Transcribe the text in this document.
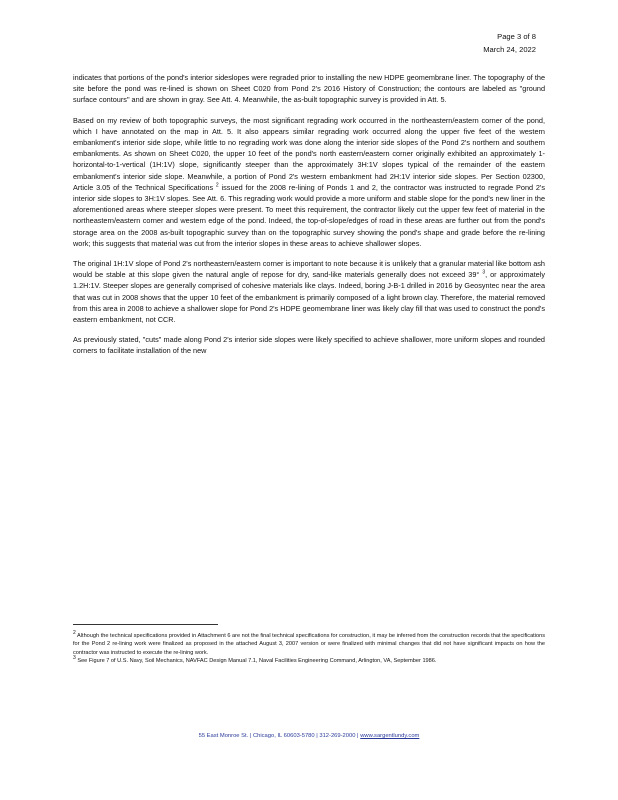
Page 3 of 8
March 24, 2022

indicates that portions of the pond's interior sideslopes were regraded prior to installing the new HDPE geomembrane liner. The topography of the site before the pond was re-lined is shown on Sheet C020 from Pond 2's 2016 History of Construction; the contours are labeled as "ground surface contours" and are shown in gray. See Att. 4. Meanwhile, the as-built topographic survey is provided in Att. 5.

Based on my review of both topographic surveys, the most significant regrading work occurred in the northeastern/eastern corner of the pond, which I have annotated on the map in Att. 5. It also appears similar regrading work occurred along the upper five feet of the western embankment's interior side slope, while little to no regrading work was done along the interior side slopes of the Pond 2's northern and southern embankments. As shown on Sheet C020, the upper 10 feet of the pond's north eastern/eastern corner originally exhibited an approximately 1-horizontal-to-1-vertical (1H:1V) slope, significantly steeper than the approximately 3H:1V slopes typical of the remainder of the eastern embankment's interior side slope. Meanwhile, a portion of Pond 2's western embankment had 2H:1V interior side slopes. Per Section 02300, Article 3.05 of the Technical Specifications $^2$ issued for the 2008 re-lining of Ponds 1 and 2, the contractor was instructed to regrade Pond 2's interior side slopes to 3H:1V slopes. See Att. 6. This regrading work would provide a more uniform and stable slope for the pond's new liner in the aforementioned areas where steeper slopes were present. To meet this requirement, the contractor likely cut the upper few feet of material in the northeastern/eastern corner and western edge of the pond. Indeed, the top-of-slope/edges of road in these areas are further out from the pond's storage area on the 2008 as-built topographic survey than on the topographic survey showing the pond's shape and grade before the re-lining work; this suggests that material was cut from the interior slopes in these areas to achieve shallower slopes.

The original 1H:1V slope of Pond 2's northeastern/eastern corner is important to note because it is unlikely that a granular material like bottom ash would be stable at this slope given the natural angle of repose for dry, sand-like materials generally does not exceed 39° $^3$, or approximately 1.2H:1V. Steeper slopes are generally comprised of cohesive materials like clays. Indeed, boring J-B-1 drilled in 2016 by Geosyntec near the area that was cut in 2008 shows that the upper 10 feet of the embankment is primarily composed of a light brown clay. Therefore, the material removed from this area in 2008 to achieve a shallower slope for Pond 2's HDPE geomembrane liner was likely clay fill that was used to construct the pond's eastern embankment, not CCR.

As previously stated, "cuts" made along Pond 2's interior side slopes were likely specified to achieve shallower, more uniform slopes and rounded corners to facilitate installation of the new

$^2$ Although the technical specifications provided in Attachment 6 are not the final technical specifications for construction, it may be inferred from the construction records that the specifications for the Pond 2 re-lining work were finalized as proposed in the attached August 3, 2007 version or were finalized with minimal changes that did not have significant impacts on how the contractor was instructed to execute the re-lining work.

$^3$ See Figure 7 of U.S. Navy, Soil Mechanics, NAVFAC Design Manual 7.1, Naval Facilities Engineering Command, Arlington, VA, September 1986.

55 East Monroe St. | Chicago, IL 60603-5780 | 312-269-2000 | www.sargentlundy.com
